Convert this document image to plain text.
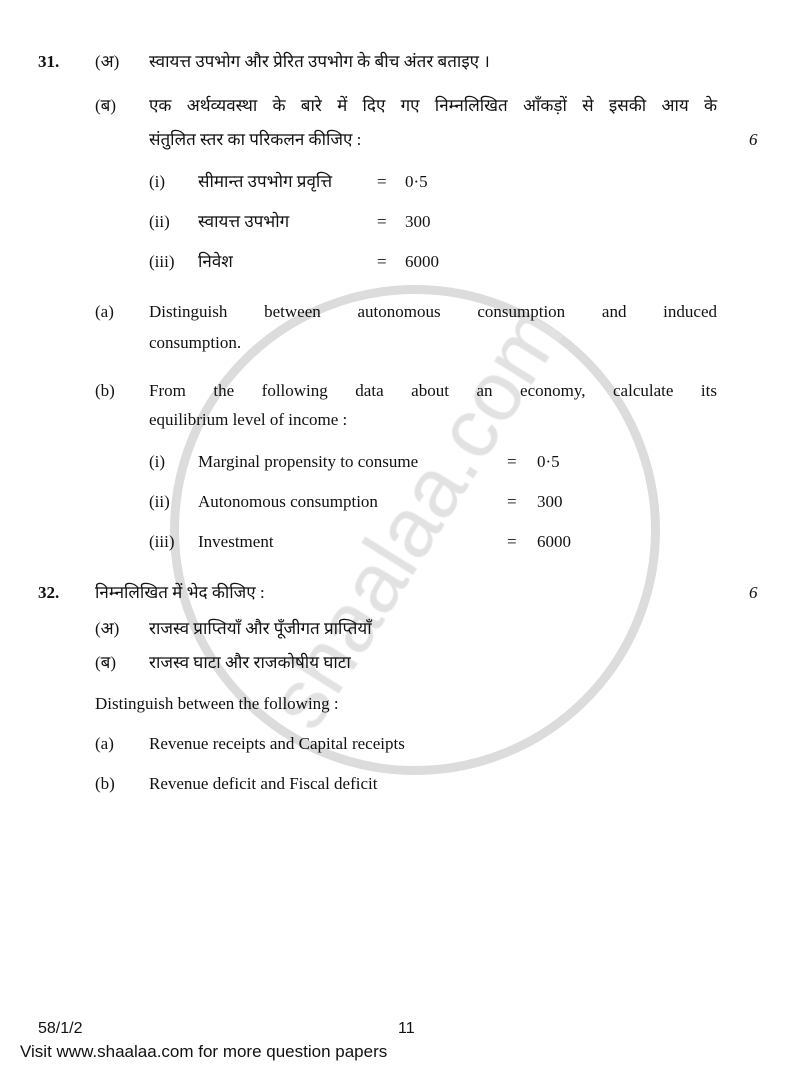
31.	(अ)	स्वायत्त उपभोग और प्रेरित उपभोग के बीच अंतर बताइए ।
(ब)	एक अर्थव्यवस्था के बारे में दिए गए निम्नलिखित आँकड़ों से इसकी आय के
संतुलित स्तर का परिकलन कीजिए :	6
(i)	सीमान्त उपभोग प्रवृत्ति	=	0·5
(ii)	स्वायत्त उपभोग	=	300
(iii)	निवेश	=	6000
(a)	Distinguish between autonomous consumption and induced
consumption.
(b)	From the following data about an economy, calculate its
equilibrium level of income :
(i)	Marginal propensity to consume	=	0·5
(ii)	Autonomous consumption	=	300
(iii)	Investment	=	6000
32.	निम्नलिखित में भेद कीजिए :	6
(अ)	राजस्व प्राप्तियाँ और पूँजीगत प्राप्तियाँ
(ब)	राजस्व घाटा और राजकोषीय घाटा
Distinguish between the following :
(a)	Revenue receipts and Capital receipts
(b)	Revenue deficit and Fiscal deficit
58/1/2	11
Visit www.shaalaa.com for more question papers
